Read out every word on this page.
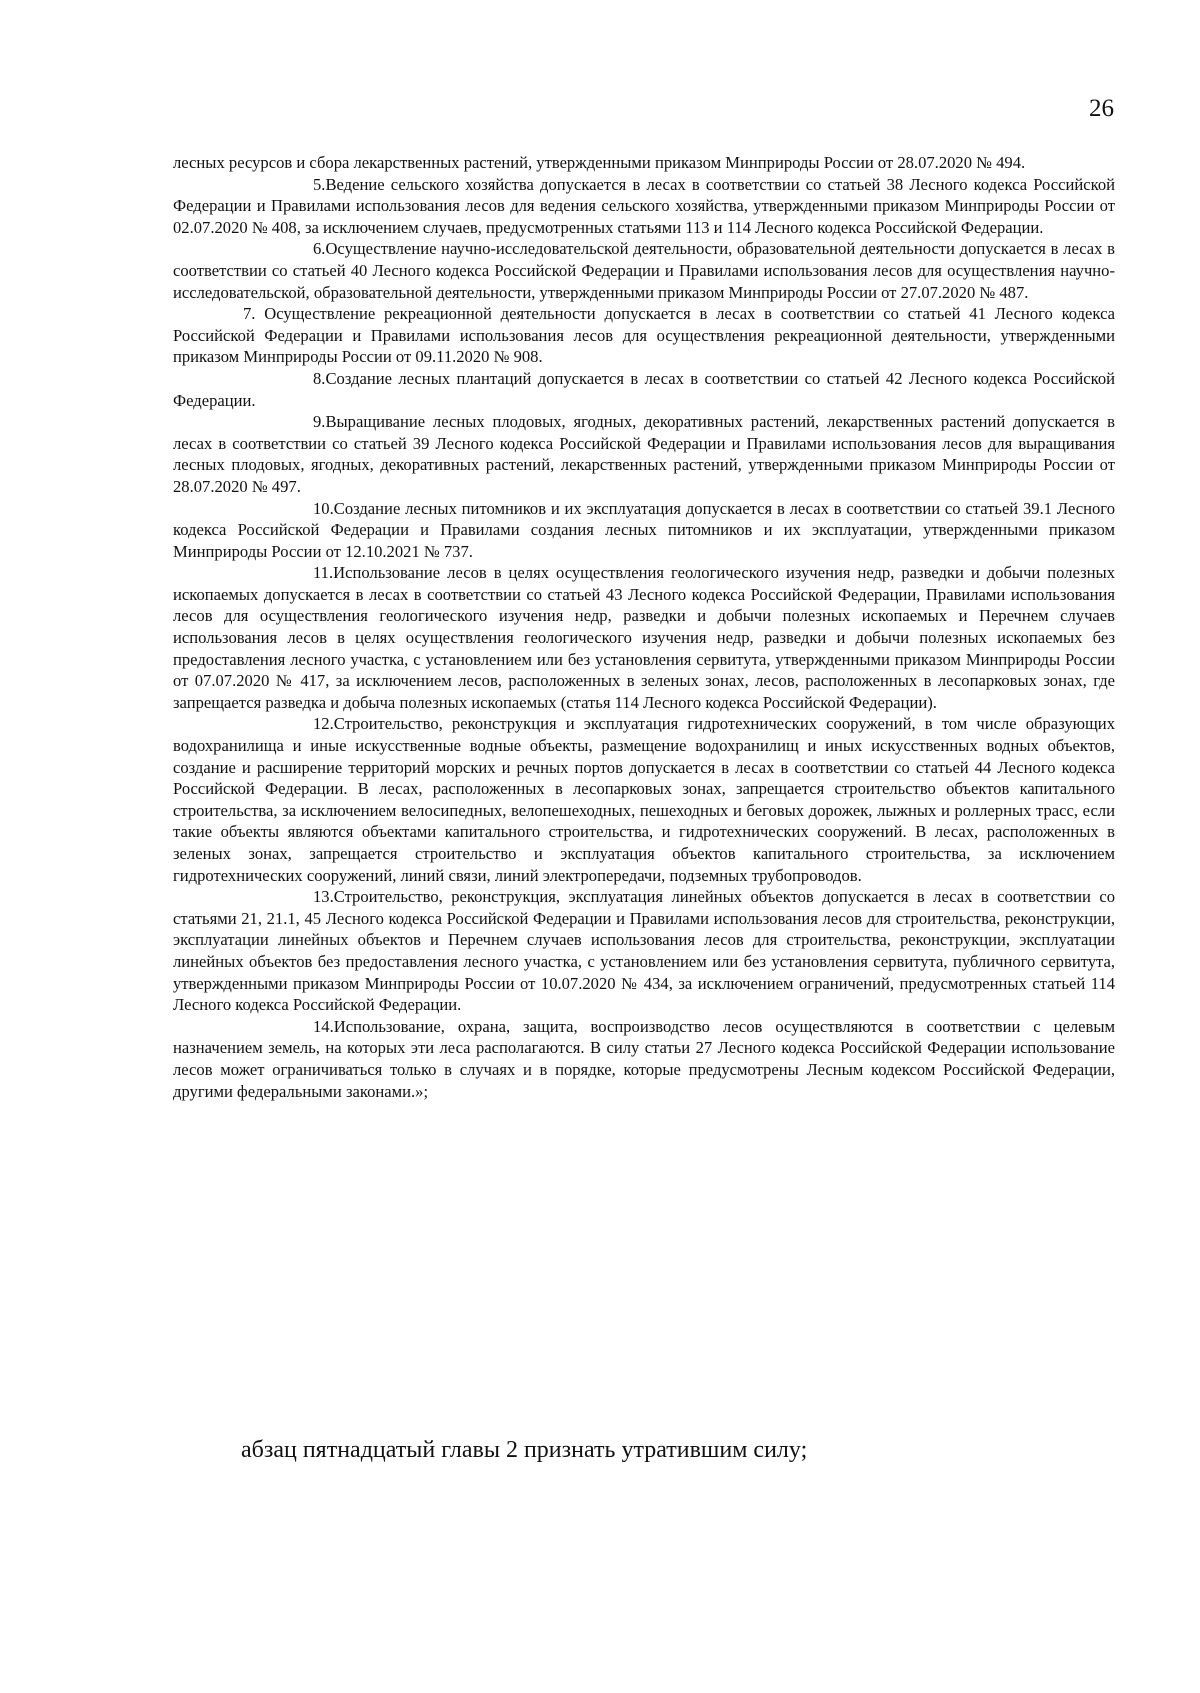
26

лесных ресурсов и сбора лекарственных растений, утвержденными приказом Минприроды России от 28.07.2020 № 494.

5.Ведение сельского хозяйства допускается в лесах в соответствии со статьей 38 Лесного кодекса Российской Федерации и Правилами использования лесов для ведения сельского хозяйства, утвержденными приказом Минприроды России от 02.07.2020 № 408, за исключением случаев, предусмотренных статьями 113 и 114 Лесного кодекса Российской Федерации.

6.Осуществление научно-исследовательской деятельности, образовательной деятельности допускается в лесах в соответствии со статьей 40 Лесного кодекса Российской Федерации и Правилами использования лесов для осуществления научно-исследовательской, образовательной деятельности, утвержденными приказом Минприроды России от 27.07.2020 № 487.

7. Осуществление рекреационной деятельности допускается в лесах в соответствии со статьей 41 Лесного кодекса Российской Федерации и Правилами использования лесов для осуществления рекреационной деятельности, утвержденными приказом Минприроды России от 09.11.2020 № 908.

8.Создание лесных плантаций допускается в лесах в соответствии со статьей 42 Лесного кодекса Российской Федерации.

9.Выращивание лесных плодовых, ягодных, декоративных растений, лекарственных растений допускается в лесах в соответствии со статьей 39 Лесного кодекса Российской Федерации и Правилами использования лесов для выращивания лесных плодовых, ягодных, декоративных растений, лекарственных растений, утвержденными приказом Минприроды России от 28.07.2020 № 497.

10.Создание лесных питомников и их эксплуатация допускается в лесах в соответствии со статьей 39.1 Лесного кодекса Российской Федерации и Правилами создания лесных питомников и их эксплуатации, утвержденными приказом Минприроды России от 12.10.2021 № 737.

11.Использование лесов в целях осуществления геологического изучения недр, разведки и добычи полезных ископаемых допускается в лесах в соответствии со статьей 43 Лесного кодекса Российской Федерации, Правилами использования лесов для осуществления геологического изучения недр, разведки и добычи полезных ископаемых и Перечнем случаев использования лесов в целях осуществления геологического изучения недр, разведки и добычи полезных ископаемых без предоставления лесного участка, с установлением или без установления сервитута, утвержденными приказом Минприроды России от 07.07.2020 № 417, за исключением лесов, расположенных в зеленых зонах, лесов, расположенных в лесопарковых зонах, где запрещается разведка и добыча полезных ископаемых (статья 114 Лесного кодекса Российской Федерации).

12.Строительство, реконструкция и эксплуатация гидротехнических сооружений, в том числе образующих водохранилища и иные искусственные водные объекты, размещение водохранилищ и иных искусственных водных объектов, создание и расширение территорий морских и речных портов допускается в лесах в соответствии со статьей 44 Лесного кодекса Российской Федерации. В лесах, расположенных в лесопарковых зонах, запрещается строительство объектов капитального строительства, за исключением велосипедных, велопешеходных, пешеходных и беговых дорожек, лыжных и роллерных трасс, если такие объекты являются объектами капитального строительства, и гидротехнических сооружений. В лесах, расположенных в зеленых зонах, запрещается строительство и эксплуатация объектов капитального строительства, за исключением гидротехнических сооружений, линий связи, линий электропередачи, подземных трубопроводов.

13.Строительство, реконструкция, эксплуатация линейных объектов допускается в лесах в соответствии со статьями 21, 21.1, 45 Лесного кодекса Российской Федерации и Правилами использования лесов для строительства, реконструкции, эксплуатации линейных объектов и Перечнем случаев использования лесов для строительства, реконструкции, эксплуатации линейных объектов без предоставления лесного участка, с установлением или без установления сервитута, публичного сервитута, утвержденными приказом Минприроды России от 10.07.2020 № 434, за исключением ограничений, предусмотренных статьей 114 Лесного кодекса Российской Федерации.

14.Использование, охрана, защита, воспроизводство лесов осуществляются в соответствии с целевым назначением земель, на которых эти леса располагаются. В силу статьи 27 Лесного кодекса Российской Федерации использование лесов может ограничиваться только в случаях и в порядке, которые предусмотрены Лесным кодексом Российской Федерации, другими федеральными законами.»;

абзац пятнадцатый главы 2 признать утратившим силу;
